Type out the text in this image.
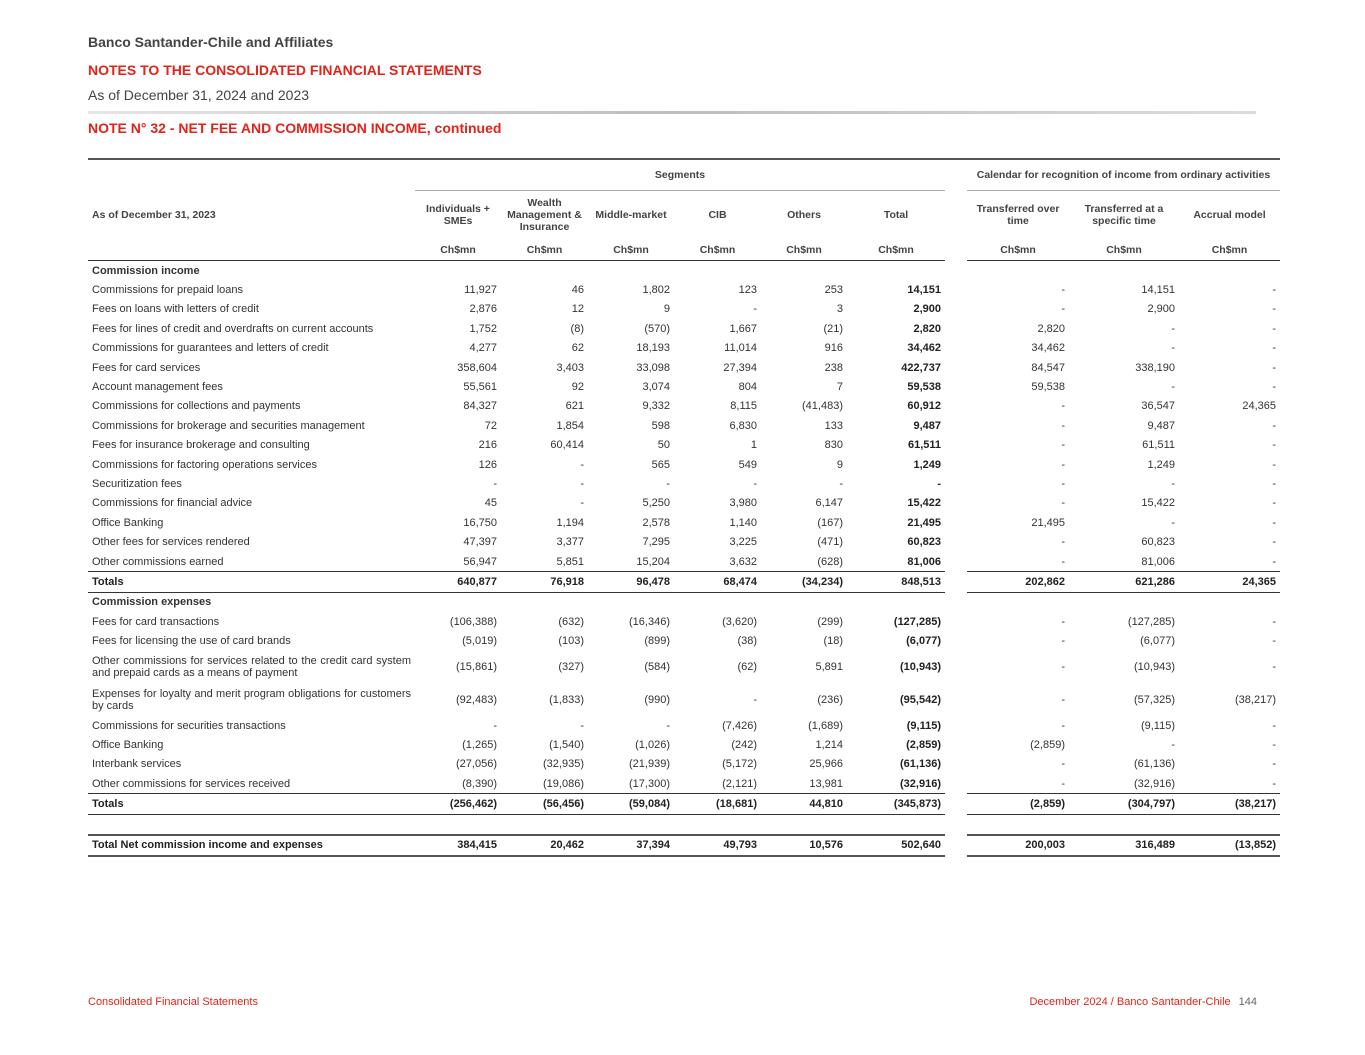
Banco Santander-Chile and Affiliates
NOTES TO THE CONSOLIDATED FINANCIAL STATEMENTS
As of December 31, 2024 and 2023
NOTE N° 32 - NET FEE AND COMMISSION INCOME, continued

	Segments							Calendar for recognition of income from ordinary activities		
As of December 31, 2023	Individuals + SMEs	Wealth Management & Insurance	Middle-market	CIB	Others	Total		Transferred over time	Transferred at a specific time	Accrual model
	Ch$mn	Ch$mn	Ch$mn	Ch$mn	Ch$mn	Ch$mn		Ch$mn	Ch$mn	Ch$mn
Commission income										
Commissions for prepaid loans	11,927	46	1,802	123	253	14,151		-	14,151	-
Fees on loans with letters of credit	2,876	12	9	-	3	2,900		-	2,900	-
Fees for lines of credit and overdrafts on current accounts	1,752	(8)	(570)	1,667	(21)	2,820		2,820	-	-
Commissions for guarantees and letters of credit	4,277	62	18,193	11,014	916	34,462		34,462	-	-
Fees for card services	358,604	3,403	33,098	27,394	238	422,737		84,547	338,190	-
Account management fees	55,561	92	3,074	804	7	59,538		59,538	-	-
Commissions for collections and payments	84,327	621	9,332	8,115	(41,483)	60,912		-	36,547	24,365
Commissions for brokerage and securities management	72	1,854	598	6,830	133	9,487		-	9,487	-
Fees for insurance brokerage and consulting	216	60,414	50	1	830	61,511		-	61,511	-
Commissions for factoring operations services	126	-	565	549	9	1,249		-	1,249	-
Securitization fees	-	-	-	-	-	-		-	-	-
Commissions for financial advice	45	-	5,250	3,980	6,147	15,422		-	15,422	-
Office Banking	16,750	1,194	2,578	1,140	(167)	21,495		21,495	-	-
Other fees for services rendered	47,397	3,377	7,295	3,225	(471)	60,823		-	60,823	-
Other commissions earned	56,947	5,851	15,204	3,632	(628)	81,006		-	81,006	-
Totals	640,877	76,918	96,478	68,474	(34,234)	848,513		202,862	621,286	24,365
Commission expenses										
Fees for card transactions	(106,388)	(632)	(16,346)	(3,620)	(299)	(127,285)		-	(127,285)	-
Fees for licensing the use of card brands	(5,019)	(103)	(899)	(38)	(18)	(6,077)		-	(6,077)	-
Other commissions for services related to the credit card system and prepaid cards as a means of payment	(15,861)	(327)	(584)	(62)	5,891	(10,943)		-	(10,943)	-
Expenses for loyalty and merit program obligations for customers by cards	(92,483)	(1,833)	(990)	-	(236)	(95,542)		-	(57,325)	(38,217)
Commissions for securities transactions	-	-	-	(7,426)	(1,689)	(9,115)		-	(9,115)	-
Office Banking	(1,265)	(1,540)	(1,026)	(242)	1,214	(2,859)		(2,859)	-	-
Interbank services	(27,056)	(32,935)	(21,939)	(5,172)	25,966	(61,136)		-	(61,136)	-
Other commissions for services received	(8,390)	(19,086)	(17,300)	(2,121)	13,981	(32,916)		-	(32,916)	-
Totals	(256,462)	(56,456)	(59,084)	(18,681)	44,810	(345,873)		(2,859)	(304,797)	(38,217)

Total Net commission income and expenses	384,415	20,462	37,394	49,793	10,576	502,640		200,003	316,489	(13,852)
Consolidated Financial Statements	December 2024 / Banco Santander-Chile 144
